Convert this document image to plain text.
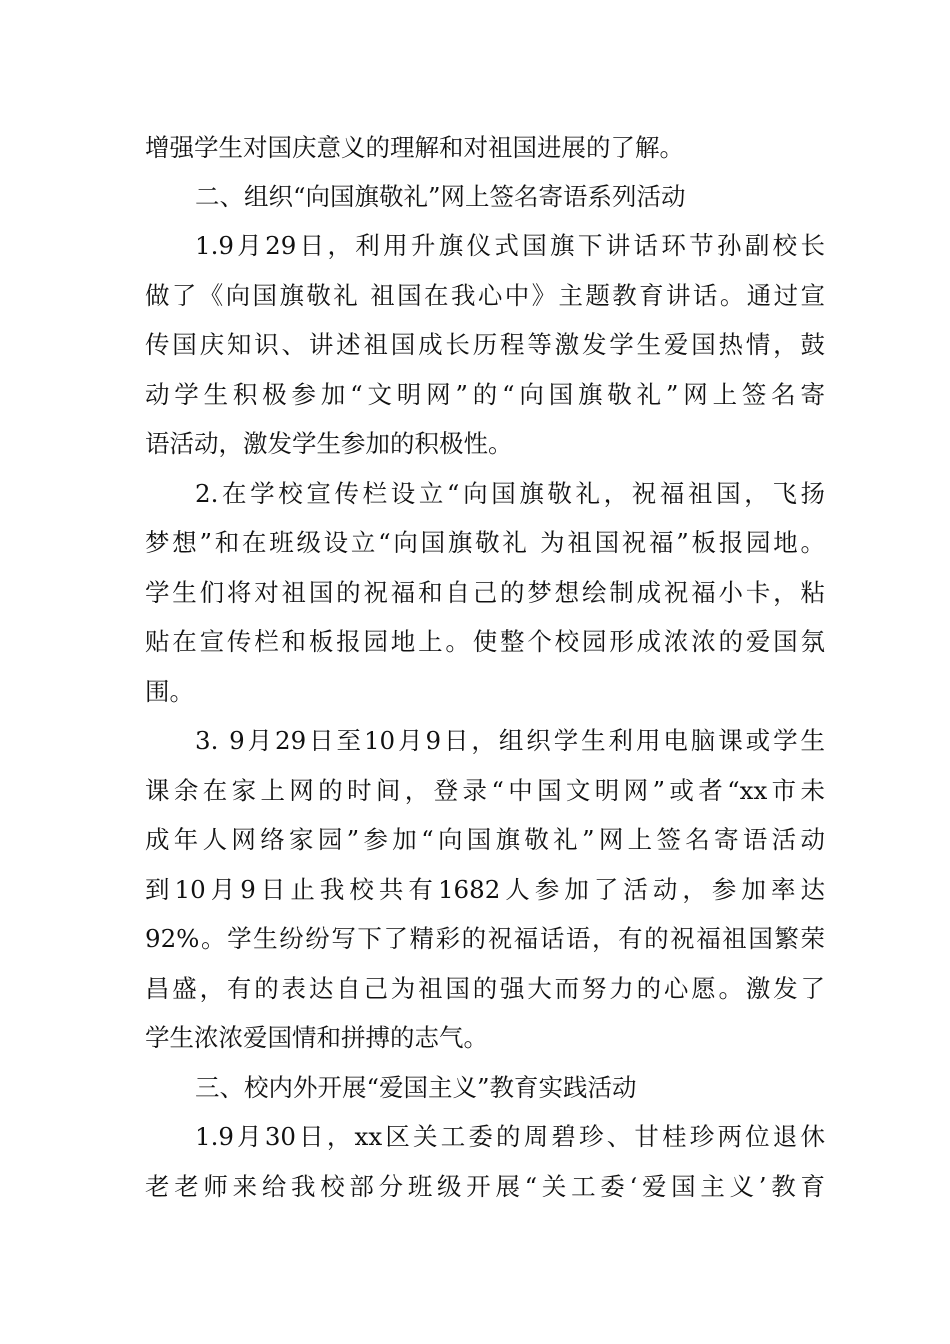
增强学生对国庆意义的理解和对祖国进展的了解。
二、组织“向国旗敬礼”网上签名寄语系列活动
1.9月29日，利用升旗仪式国旗下讲话环节孙副校长
做了《向国旗敬礼 祖国在我心中》主题教育讲话。通过宣
传国庆知识、讲述祖国成长历程等激发学生爱国热情，鼓
动学生积极参加“文明网”的“向国旗敬礼”网上签名寄
语活动，激发学生参加的积极性。
2.在学校宣传栏设立“向国旗敬礼，祝福祖国，飞扬
梦想”和在班级设立“向国旗敬礼 为祖国祝福”板报园地。
学生们将对祖国的祝福和自己的梦想绘制成祝福小卡，粘
贴在宣传栏和板报园地上。使整个校园形成浓浓的爱国氛
围。
3. 9月29日至10月9日，组织学生利用电脑课或学生
课余在家上网的时间，登录“中国文明网”或者“xx市未
成年人网络家园”参加“向国旗敬礼”网上签名寄语活动
到10月9日止我校共有1682人参加了活动，参加率达
92%。学生纷纷写下了精彩的祝福话语，有的祝福祖国繁荣
昌盛，有的表达自己为祖国的强大而努力的心愿。激发了
学生浓浓爱国情和拼搏的志气。
三、校内外开展“爱国主义”教育实践活动
1.9月30日，xx区关工委的周碧珍、甘桂珍两位退休
老老师来给我校部分班级开展“关工委‘爱国主义’教育
